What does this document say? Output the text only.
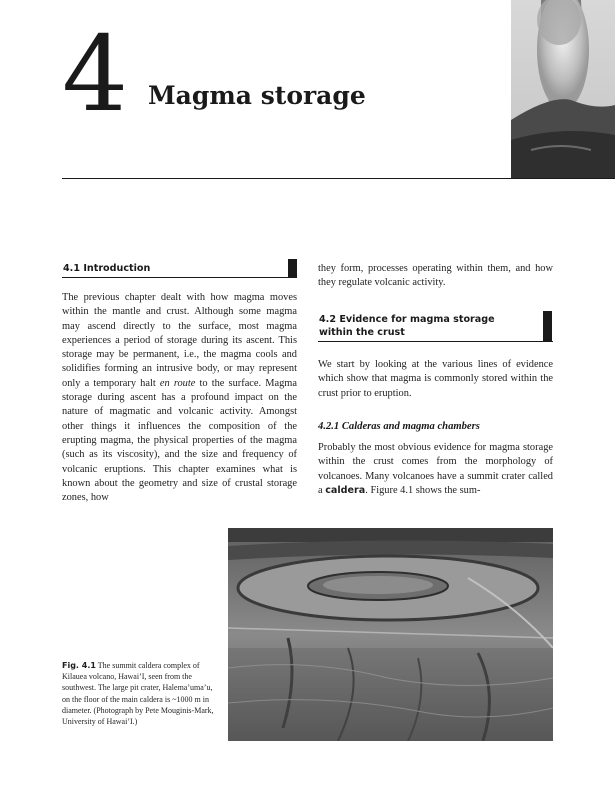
4 Magma storage
4.1 Introduction
The previous chapter dealt with how magma moves within the mantle and crust. Although some magma may ascend directly to the surface, most magma experiences a period of storage during its ascent. This storage may be permanent, i.e., the magma cools and solidifies forming an intrusive body, or may represent only a temporary halt en route to the surface. Magma storage during ascent has a profound impact on the nature of magmatic and volcanic activity. Amongst other things it influences the composition of the erupting magma, the physical properties of the magma (such as its viscosity), and the size and frequency of volcanic eruptions. This chapter examines what is known about the geometry and size of crustal storage zones, how
they form, processes operating within them, and how they regulate volcanic activity.
4.2 Evidence for magma storage
within the crust
We start by looking at the various lines of evidence which show that magma is commonly stored within the crust prior to eruption.
4.2.1 Calderas and magma chambers
Probably the most obvious evidence for magma storage within the crust comes from the morphology of volcanoes. Many volcanoes have a summit crater called a caldera. Figure 4.1 shows the sum-
Fig. 4.1 The summit caldera complex of Kilauea volcano, Hawai’I, seen from the southwest. The large pit crater, Halema’uma’u, on the floor of the main caldera is ~1000 m in diameter. (Photograph by Pete Mouginis-Mark, University of Hawai’I.)
